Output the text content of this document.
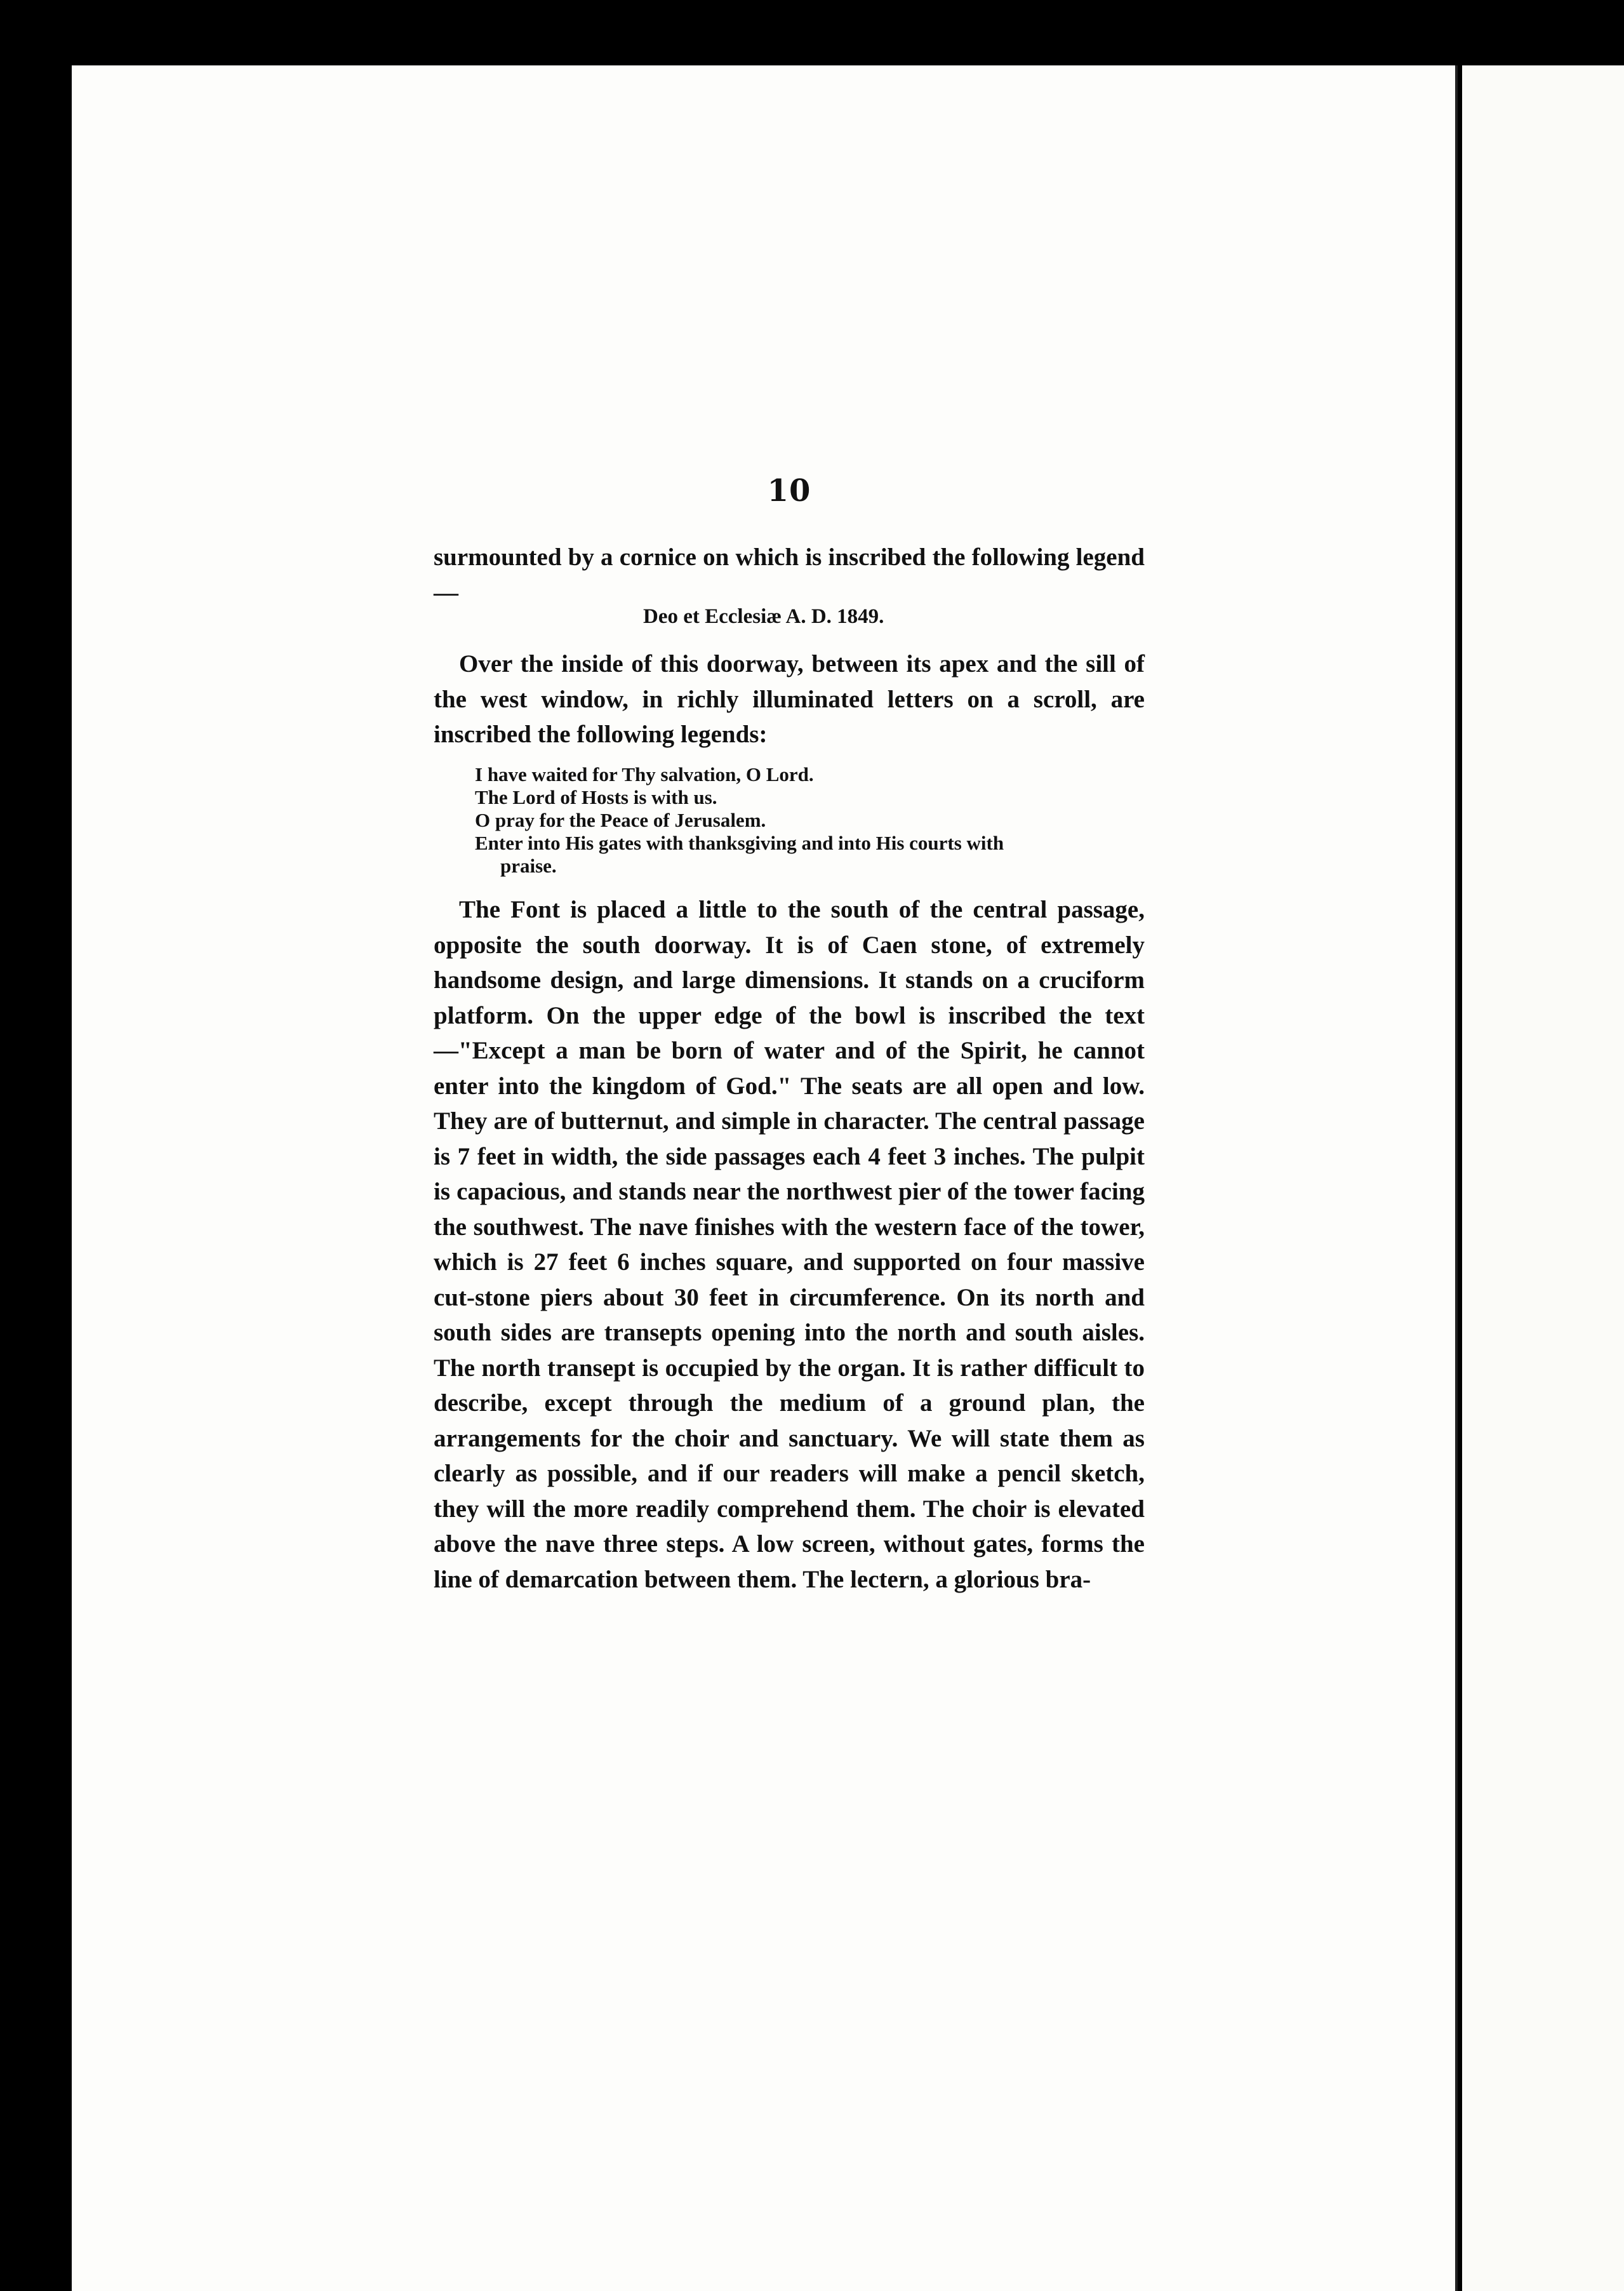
10

surmounted by a cornice on which is inscribed the following legend—

Deo et Ecclesiæ A. D. 1849.

Over the inside of this doorway, between its apex and the sill of the west window, in richly illuminated letters on a scroll, are inscribed the following legends:

I have waited for Thy salvation, O Lord.
The Lord of Hosts is with us.
O pray for the Peace of Jerusalem.
Enter into His gates with thanksgiving and into His courts with
praise.

The Font is placed a little to the south of the central passage, opposite the south doorway. It is of Caen stone, of extremely handsome design, and large dimensions. It stands on a cruciform platform. On the upper edge of the bowl is inscribed the text—"Except a man be born of water and of the Spirit, he cannot enter into the kingdom of God." The seats are all open and low. They are of butternut, and simple in character. The central passage is 7 feet in width, the side passages each 4 feet 3 inches. The pulpit is capacious, and stands near the northwest pier of the tower facing the southwest. The nave finishes with the western face of the tower, which is 27 feet 6 inches square, and supported on four massive cut-stone piers about 30 feet in circumference. On its north and south sides are transepts opening into the north and south aisles. The north transept is occupied by the organ. It is rather difficult to describe, except through the medium of a ground plan, the arrangements for the choir and sanctuary. We will state them as clearly as possible, and if our readers will make a pencil sketch, they will the more readily comprehend them. The choir is elevated above the nave three steps. A low screen, without gates, forms the line of demarcation between them. The lectern, a glorious bra-
